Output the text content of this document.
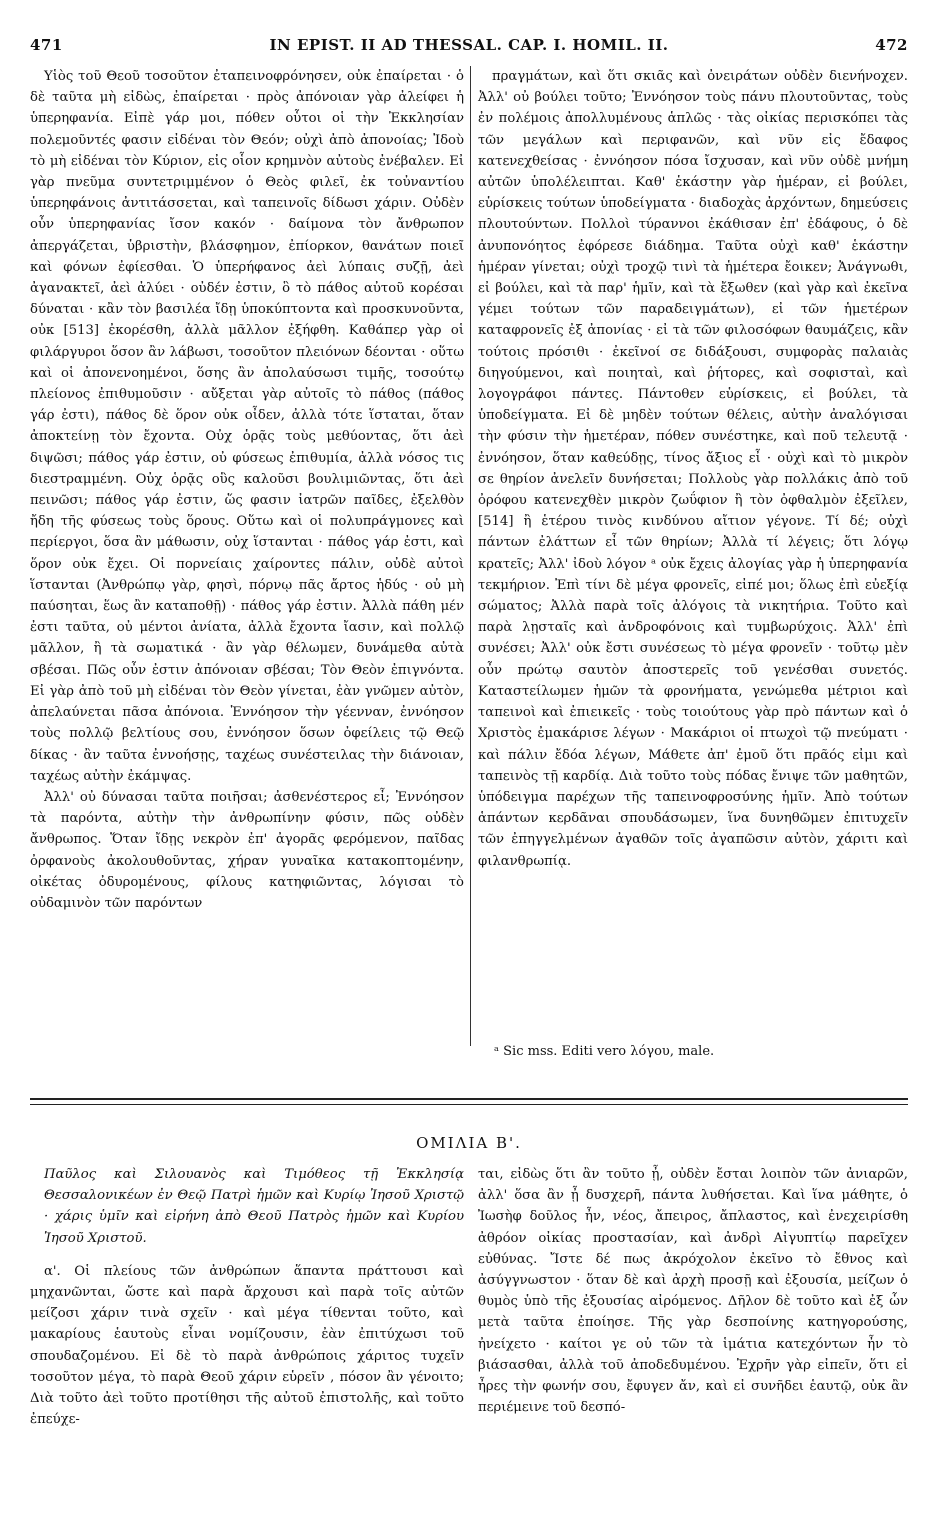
471	IN EPIST. II AD THESSAL. CAP. I. HOMIL. II.	472

Υἱὸς τοῦ Θεοῦ τοσοῦτον ἐταπεινοφρόνησεν, οὐκ ἐπαίρεται · ὁ δὲ ταῦτα μὴ εἰδὼς, ἐπαίρεται · πρὸς ἀπόνοιαν γὰρ ἀλείφει ἡ ὑπερηφανία. Εἰπὲ γάρ μοι, πόθεν οὗτοι οἱ τὴν Ἐκκλησίαν πολεμοῦντές φασιν εἰδέναι τὸν Θεόν; οὐχὶ ἀπὸ ἀπονοίας; Ἰδοὺ τὸ μὴ εἰδέναι τὸν Κύριον, εἰς οἷον κρημνὸν αὐτοὺς ἐνέβαλεν. Εἰ γὰρ πνεῦμα συντετριμμένον ὁ Θεὸς φιλεῖ, ἐκ τοὐναντίου ὑπερηφάνοις ἀντιτάσσεται, καὶ ταπεινοῖς δίδωσι χάριν. Οὐδὲν οὖν ὑπερηφανίας ἴσον κακόν · δαίμονα τὸν ἄνθρωπον ἀπεργάζεται, ὑβριστὴν, βλάσφημον, ἐπίορκον, θανάτων ποιεῖ καὶ φόνων ἐφίεσθαι. Ὁ ὑπερήφανος ἀεὶ λύπαις συζῇ, ἀεὶ ἀγανακτεῖ, ἀεὶ ἀλύει · οὐδέν ἐστιν, ὃ τὸ πάθος αὐτοῦ κορέσαι δύναται · κἂν τὸν βασιλέα ἴδῃ ὑποκύπτοντα καὶ προσκυνοῦντα, οὐκ [513] ἐκορέσθη, ἀλλὰ μᾶλλον ἐξήφθη. Καθάπερ γὰρ οἱ φιλάργυροι ὅσον ἂν λάβωσι, τοσοῦτον πλειόνων δέονται · οὕτω καὶ οἱ ἀπονενοημένοι, ὅσης ἂν ἀπολαύσωσι τιμῆς, τοσούτῳ πλείονος ἐπιθυμοῦσιν · αὔξεται γὰρ αὐτοῖς τὸ πάθος (πάθος γάρ ἐστι), πάθος δὲ ὅρον οὐκ οἶδεν, ἀλλὰ τότε ἵσταται, ὅταν ἀποκτείνῃ τὸν ἔχοντα. Οὐχ ὁρᾷς τοὺς μεθύοντας, ὅτι ἀεὶ διψῶσι; πάθος γάρ ἐστιν, οὐ φύσεως ἐπιθυμία, ἀλλὰ νόσος τις διεστραμμένη. Οὐχ ὁρᾷς οὓς καλοῦσι βουλιμιῶντας, ὅτι ἀεὶ πεινῶσι; πάθος γάρ ἐστιν, ὥς φασιν ἰατρῶν παῖδες, ἐξελθὸν ἤδη τῆς φύσεως τοὺς ὅρους. Οὕτω καὶ οἱ πολυπράγμονες καὶ περίεργοι, ὅσα ἂν μάθωσιν, οὐχ ἵστανται · πάθος γάρ ἐστι, καὶ ὅρον οὐκ ἔχει. Οἱ πορνείαις χαίροντες πάλιν, οὐδὲ αὐτοὶ ἵστανται (Ἀνθρώπῳ γὰρ, φησὶ, πόρνῳ πᾶς ἄρτος ἡδύς · οὐ μὴ παύσηται, ἕως ἂν καταποθῇ) · πάθος γάρ ἐστιν. Ἀλλὰ πάθη μέν ἐστι ταῦτα, οὐ μέντοι ἀνίατα, ἀλλὰ ἔχοντα ἴασιν, καὶ πολλῷ μᾶλλον, ἢ τὰ σωματικά · ἂν γὰρ θέλωμεν, δυνάμεθα αὐτὰ σβέσαι. Πῶς οὖν ἐστιν ἀπόνοιαν σβέσαι; Τὸν Θεὸν ἐπιγνόντα. Εἰ γὰρ ἀπὸ τοῦ μὴ εἰδέναι τὸν Θεὸν γίνεται, ἐὰν γνῶμεν αὐτὸν, ἀπελαύνεται πᾶσα ἀπόνοια. Ἐννόησον τὴν γέενναν, ἐννόησον τοὺς πολλῷ βελτίους σου, ἐννόησον ὅσων ὀφείλεις τῷ Θεῷ δίκας · ἂν ταῦτα ἐννοήσῃς, ταχέως συνέστειλας τὴν διάνοιαν, ταχέως αὐτὴν ἐκάμψας.

Ἀλλ' οὐ δύνασαι ταῦτα ποιῆσαι; ἀσθενέστερος εἶ; Ἐννόησον τὰ παρόντα, αὐτὴν τὴν ἀνθρωπίνην φύσιν, πῶς οὐδὲν ἄνθρωπος. Ὅταν ἴδῃς νεκρὸν ἐπ' ἀγορᾶς φερόμενον, παῖδας ὀρφανοὺς ἀκολουθοῦντας, χήραν γυναῖκα κατακοπτομένην, οἰκέτας ὀδυρομένους, φίλους κατηφιῶντας, λόγισαι τὸ οὐδαμινὸν τῶν παρόντων

πραγμάτων, καὶ ὅτι σκιᾶς καὶ ὀνειράτων οὐδὲν διενήνοχεν. Ἀλλ' οὐ βούλει τοῦτο; Ἐννόησον τοὺς πάνυ πλουτοῦντας, τοὺς ἐν πολέμοις ἀπολλυμένους ἁπλῶς · τὰς οἰκίας περισκόπει τὰς τῶν μεγάλων καὶ περιφανῶν, καὶ νῦν εἰς ἔδαφος κατενεχθείσας · ἐννόησον πόσα ἴσχυσαν, καὶ νῦν οὐδὲ μνήμη αὐτῶν ὑπολέλειπται. Καθ' ἑκάστην γὰρ ἡμέραν, εἰ βούλει, εὑρίσκεις τούτων ὑποδείγματα · διαδοχὰς ἀρχόντων, δημεύσεις πλουτούντων. Πολλοὶ τύραννοι ἐκάθισαν ἐπ' ἐδάφους, ὁ δὲ ἀνυπονόητος ἐφόρεσε διάδημα. Ταῦτα οὐχὶ καθ' ἑκάστην ἡμέραν γίνεται; οὐχὶ τροχῷ τινὶ τὰ ἡμέτερα ἔοικεν; Ἀνάγνωθι, εἰ βούλει, καὶ τὰ παρ' ἡμῖν, καὶ τὰ ἔξωθεν (καὶ γὰρ καὶ ἐκεῖνα γέμει τούτων τῶν παραδειγμάτων), εἰ τῶν ἡμετέρων καταφρονεῖς ἐξ ἀπονίας · εἰ τὰ τῶν φιλοσόφων θαυμάζεις, κἂν τούτοις πρόσιθι · ἐκεῖνοί σε διδάξουσι, συμφορὰς παλαιὰς διηγούμενοι, καὶ ποιηταὶ, καὶ ῥήτορες, καὶ σοφισταὶ, καὶ λογογράφοι πάντες. Πάντοθεν εὑρίσκεις, εἰ βούλει, τὰ ὑποδείγματα. Εἰ δὲ μηδὲν τούτων θέλεις, αὐτὴν ἀναλόγισαι τὴν φύσιν τὴν ἡμετέραν, πόθεν συνέστηκε, καὶ ποῦ τελευτᾷ · ἐννόησον, ὅταν καθεύδῃς, τίνος ἄξιος εἶ · οὐχὶ καὶ τὸ μικρὸν σε θηρίον ἀνελεῖν δυνήσεται; Πολλοὺς γὰρ πολλάκις ἀπὸ τοῦ ὀρόφου κατενεχθὲν μικρὸν ζωΰφιον ἢ τὸν ὀφθαλμὸν ἐξεῖλεν, [514] ἢ ἑτέρου τινὸς κινδύνου αἴτιον γέγονε. Τί δέ; οὐχὶ πάντων ἐλάττων εἶ τῶν θηρίων; Ἀλλὰ τί λέγεις; ὅτι λόγῳ κρατεῖς; Ἀλλ' ἰδοὺ λόγον ᵃ οὐκ ἔχεις ἀλογίας γὰρ ἡ ὑπερηφανία τεκμήριον. Ἐπὶ τίνι δὲ μέγα φρονεῖς, εἰπέ μοι; ὅλως ἐπὶ εὐεξίᾳ σώματος; Ἀλλὰ παρὰ τοῖς ἀλόγοις τὰ νικητήρια. Τοῦτο καὶ παρὰ λῃσταῖς καὶ ἀνδροφόνοις καὶ τυμβωρύχοις. Ἀλλ' ἐπὶ συνέσει; Ἀλλ' οὐκ ἔστι συνέσεως τὸ μέγα φρονεῖν · τοῦτῳ μὲν οὖν πρώτῳ σαυτὸν ἀποστερεῖς τοῦ γενέσθαι συνετός. Καταστείλωμεν ἡμῶν τὰ φρονήματα, γενώμεθα μέτριοι καὶ ταπεινοὶ καὶ ἐπιεικεῖς · τοὺς τοιούτους γὰρ πρὸ πάντων καὶ ὁ Χριστὸς ἐμακάρισε λέγων · Μακάριοι οἱ πτωχοὶ τῷ πνεύματι · καὶ πάλιν ἔδόα λέγων, Μάθετε ἀπ' ἐμοῦ ὅτι πρᾶός εἰμι καὶ ταπεινὸς τῇ καρδίᾳ. Διὰ τοῦτο τοὺς πόδας ἔνιψε τῶν μαθητῶν, ὑπόδειγμα παρέχων τῆς ταπεινοφροσύνης ἡμῖν. Ἀπὸ τούτων ἁπάντων κερδᾶναι σπουδάσωμεν, ἵνα δυνηθῶμεν ἐπιτυχεῖν τῶν ἐπηγγελμένων ἀγαθῶν τοῖς ἀγαπῶσιν αὐτὸν, χάριτι καὶ φιλανθρωπίᾳ.

ᵃ Sic mss. Editi vero λόγου, male.
ΟΜΙΛΙΑ Β'.

Παῦλος καὶ Σιλουανὸς καὶ Τιμόθεος τῇ Ἐκκλησίᾳ Θεσσαλονικέων ἐν Θεῷ Πατρὶ ἡμῶν καὶ Κυρίῳ Ἰησοῦ Χριστῷ · χάρις ὑμῖν καὶ εἰρήνη ἀπὸ Θεοῦ Πατρὸς ἡμῶν καὶ Κυρίου Ἰησοῦ Χριστοῦ.

α'. Οἱ πλείους τῶν ἀνθρώπων ἅπαντα πράττουσι καὶ μηχανῶνται, ὥστε καὶ παρὰ ἄρχουσι καὶ παρὰ τοῖς αὐτῶν μείζοσι χάριν τινὰ σχεῖν · καὶ μέγα τίθενται τοῦτο, καὶ μακαρίους ἑαυτοὺς εἶναι νομίζουσιν, ἐὰν ἐπιτύχωσι τοῦ σπουδαζομένου. Εἰ δὲ τὸ παρὰ ἀνθρώποις χάριτος τυχεῖν τοσοῦτον μέγα, τὸ παρὰ Θεοῦ χάριν εὑρεῖν , πόσον ἂν γένοιτο; Διὰ τοῦτο ἀεὶ τοῦτο προτίθησι τῆς αὐτοῦ ἐπιστολῆς, καὶ τοῦτο ἐπεύχε-

ται, εἰδὼς ὅτι ἂν τοῦτο ᾖ, οὐδὲν ἔσται λοιπὸν τῶν ἀνιαρῶν, ἀλλ' ὅσα ἂν ᾖ δυσχερῆ, πάντα λυθήσεται. Καὶ ἵνα μάθητε, ὁ Ἰωσὴφ δοῦλος ἦν, νέος, ἄπειρος, ἄπλαστος, καὶ ἐνεχειρίσθη ἀθρόον οἰκίας προστασίαν, καὶ ἀνδρὶ Αἰγυπτίῳ παρεῖχεν εὐθύνας. Ἴστε δέ πως ἀκρόχολον ἐκεῖνο τὸ ἔθνος καὶ ἀσύγγνωστον · ὅταν δὲ καὶ ἀρχὴ προσῇ καὶ ἐξουσία, μείζων ὁ θυμὸς ὑπὸ τῆς ἐξουσίας αἰρόμενος. Δῆλον δὲ τοῦτο καὶ ἐξ ὧν μετὰ ταῦτα ἐποίησε. Τῆς γὰρ δεσποίνης κατηγορούσης, ἠνείχετο · καίτοι γε οὐ τῶν τὰ ἱμάτια κατεχόντων ἦν τὸ βιάσασθαι, ἀλλὰ τοῦ ἀποδεδυμένου. Ἐχρῆν γὰρ εἰπεῖν, ὅτι εἰ ἦρες τὴν φωνήν σου, ἔφυγεν ἄν, καὶ εἰ συνῆδει ἑαυτῷ, οὐκ ἂν περιέμεινε τοῦ δεσπό-
